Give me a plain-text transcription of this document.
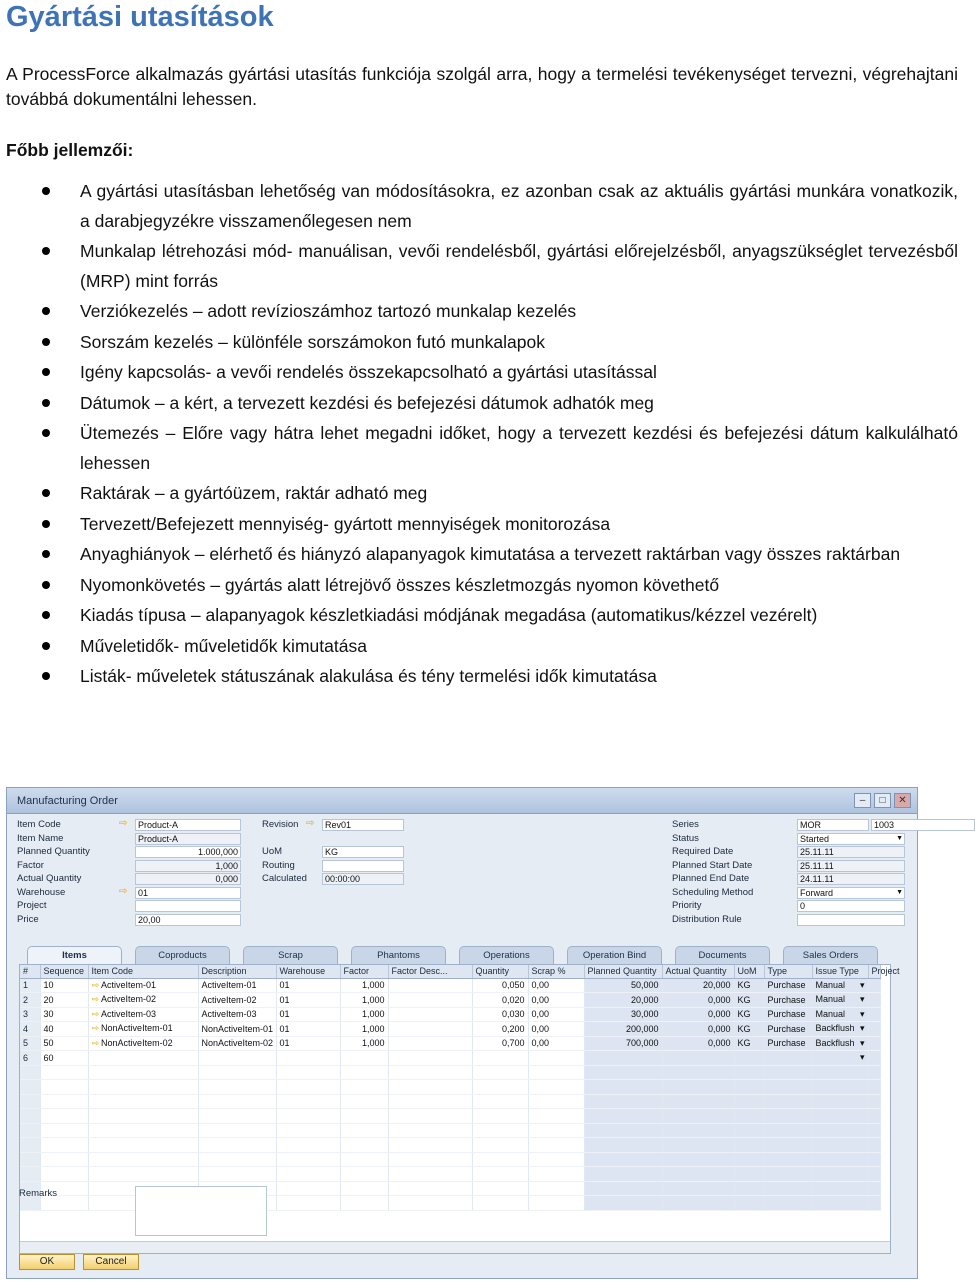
Gyártási utasítások

A ProcessForce alkalmazás gyártási utasítás funkciója szolgál arra, hogy a termelési tevékenységet tervezni, végrehajtani továbbá dokumentálni lehessen.

Főbb jellemzői:

A gyártási utasításban lehetőség van módosításokra, ez azonban csak az aktuális gyártási munkára vonatkozik, a darabjegyzékre visszamenőlegesen nem
Munkalap létrehozási mód- manuálisan, vevői rendelésből, gyártási előrejelzésből, anyagszükséglet tervezésből (MRP) mint forrás
Verziókezelés – adott revízioszámhoz tartozó munkalap kezelés
Sorszám kezelés – különféle sorszámokon futó munkalapok
Igény kapcsolás- a vevői rendelés összekapcsolható a gyártási utasítással
Dátumok – a kért, a tervezett kezdési és befejezési dátumok adhatók meg
Ütemezés – Előre vagy hátra lehet megadni időket, hogy a tervezett kezdési és befejezési dátum kalkulálható lehessen
Raktárak – a gyártóüzem, raktár adható meg
Tervezett/Befejezett mennyiség- gyártott mennyiségek monitorozása
Anyaghiányok – elérhető és hiányzó alapanyagok kimutatása a tervezett raktárban vagy összes raktárban
Nyomonkövetés – gyártás alatt létrejövő összes készletmozgás nyomon követhető
Kiadás típusa – alapanyagok készletkiadási módjának megadása (automatikus/kézzel vezérelt)
Műveletidők- műveletidők kimutatása
Listák- műveletek státuszának alakulása és tény termelési idők kimutatása
Manufacturing Order	–	□	✕
Item Code	Product-A
⇨
Item Name	Product-A
Planned Quantity	1.000,000
Factor	1,000
Actual Quantity	0,000
Warehouse	01
⇨
Project
Price	20,00
Revision	Rev01
⇨
UoM	KG
Routing
Calculated	00:00:00
Series	MOR	1003
Status	Started	▼
Required Date	25.11.11
Planned Start Date	25.11.11
Planned End Date	24.11.11
Scheduling Method	Forward	▼
Priority	0
Distribution Rule
Items	Coproducts	Scrap	Phantoms	Operations	Operation Bind	Documents	Sales Orders
#	Sequence	Item Code	Description	Warehouse	Factor	Factor Desc...	Quantity	Scrap %	Planned Quantity	Actual Quantity	UoM	Type	Issue Type	Project
1	10	⇨ ActiveItem-01	ActiveItem-01	01	1,000		0,050	0,00	50,000	20,000	KG	Purchase	Manual ▾	

2	20	⇨ ActiveItem-02	ActiveItem-02	01	1,000		0,020	0,00	20,000	0,000	KG	Purchase	Manual ▾	

3	30	⇨ ActiveItem-03	ActiveItem-03	01	1,000		0,030	0,00	30,000	0,000	KG	Purchase	Manual ▾	

4	40	⇨ NonActiveItem-01	NonActiveItem-01	01	1,000		0,200	0,00	200,000	0,000	KG	Purchase	Backflush ▾	

5	50	⇨ NonActiveItem-02	NonActiveItem-02	01	1,000		0,700	0,00	700,000	0,000	KG	Purchase	Backflush ▾	

6	60												▾	

Remarks
OK	Cancel
